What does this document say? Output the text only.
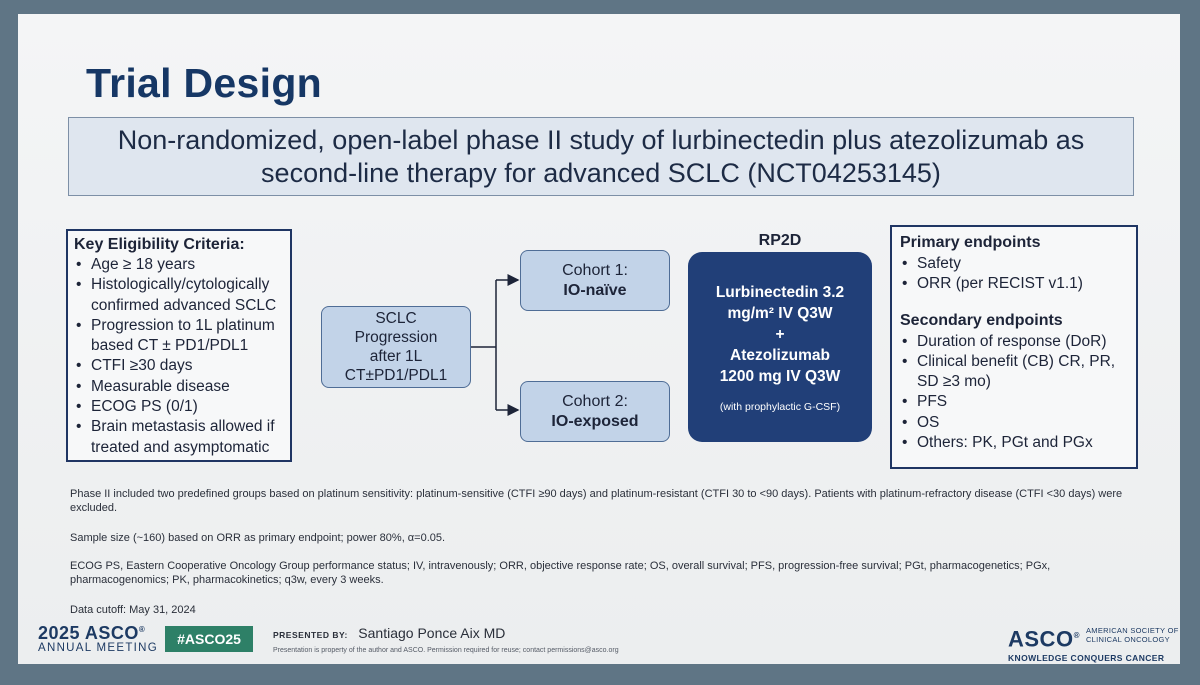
Trial Design
Non-randomized, open-label phase II study of lurbinectedin plus atezolizumab as second-line therapy for advanced SCLC (NCT04253145)
Key Eligibility Criteria:
• Age ≥ 18 years
• Histologically/cytologically confirmed advanced SCLC
• Progression to 1L platinum based CT ± PD1/PDL1
• CTFI ≥30 days
• Measurable disease
• ECOG PS (0/1)
• Brain metastasis allowed if treated and asymptomatic
SCLC
Progression
after 1L
CT±PD1/PDL1
Cohort 1:
IO-naïve
Cohort 2:
IO-exposed
RP2D
Lurbinectedin 3.2
mg/m² IV Q3W
+
Atezolizumab
1200 mg IV Q3W
(with prophylactic G-CSF)
Primary endpoints
• Safety
• ORR (per RECIST v1.1)
Secondary endpoints
• Duration of response (DoR)
• Clinical benefit (CB) CR, PR, SD ≥3 mo)
• PFS
• OS
• Others: PK, PGt and PGx
Phase II included two predefined groups based on platinum sensitivity: platinum-sensitive (CTFI ≥90 days) and platinum-resistant (CTFI 30 to <90 days). Patients with platinum-refractory disease (CTFI <30 days) were excluded.
Sample size (~160) based on ORR as primary endpoint; power 80%, α=0.05.
ECOG PS, Eastern Cooperative Oncology Group performance status; IV, intravenously; ORR, objective response rate; OS, overall survival; PFS, progression-free survival; PGt, pharmacogenetics; PGx, pharmacogenomics; PK, pharmacokinetics; q3w, every 3 weeks.
Data cutoff: May 31, 2024
2025 ASCO®
ANNUAL MEETING
#ASCO25	PRESENTED BY: Santiago Ponce Aix MD
Presentation is property of the author and ASCO. Permission required for reuse; contact permissions@asco.org	ASCO®
AMERICAN SOCIETY OF
CLINICAL ONCOLOGY
KNOWLEDGE CONQUERS CANCER
